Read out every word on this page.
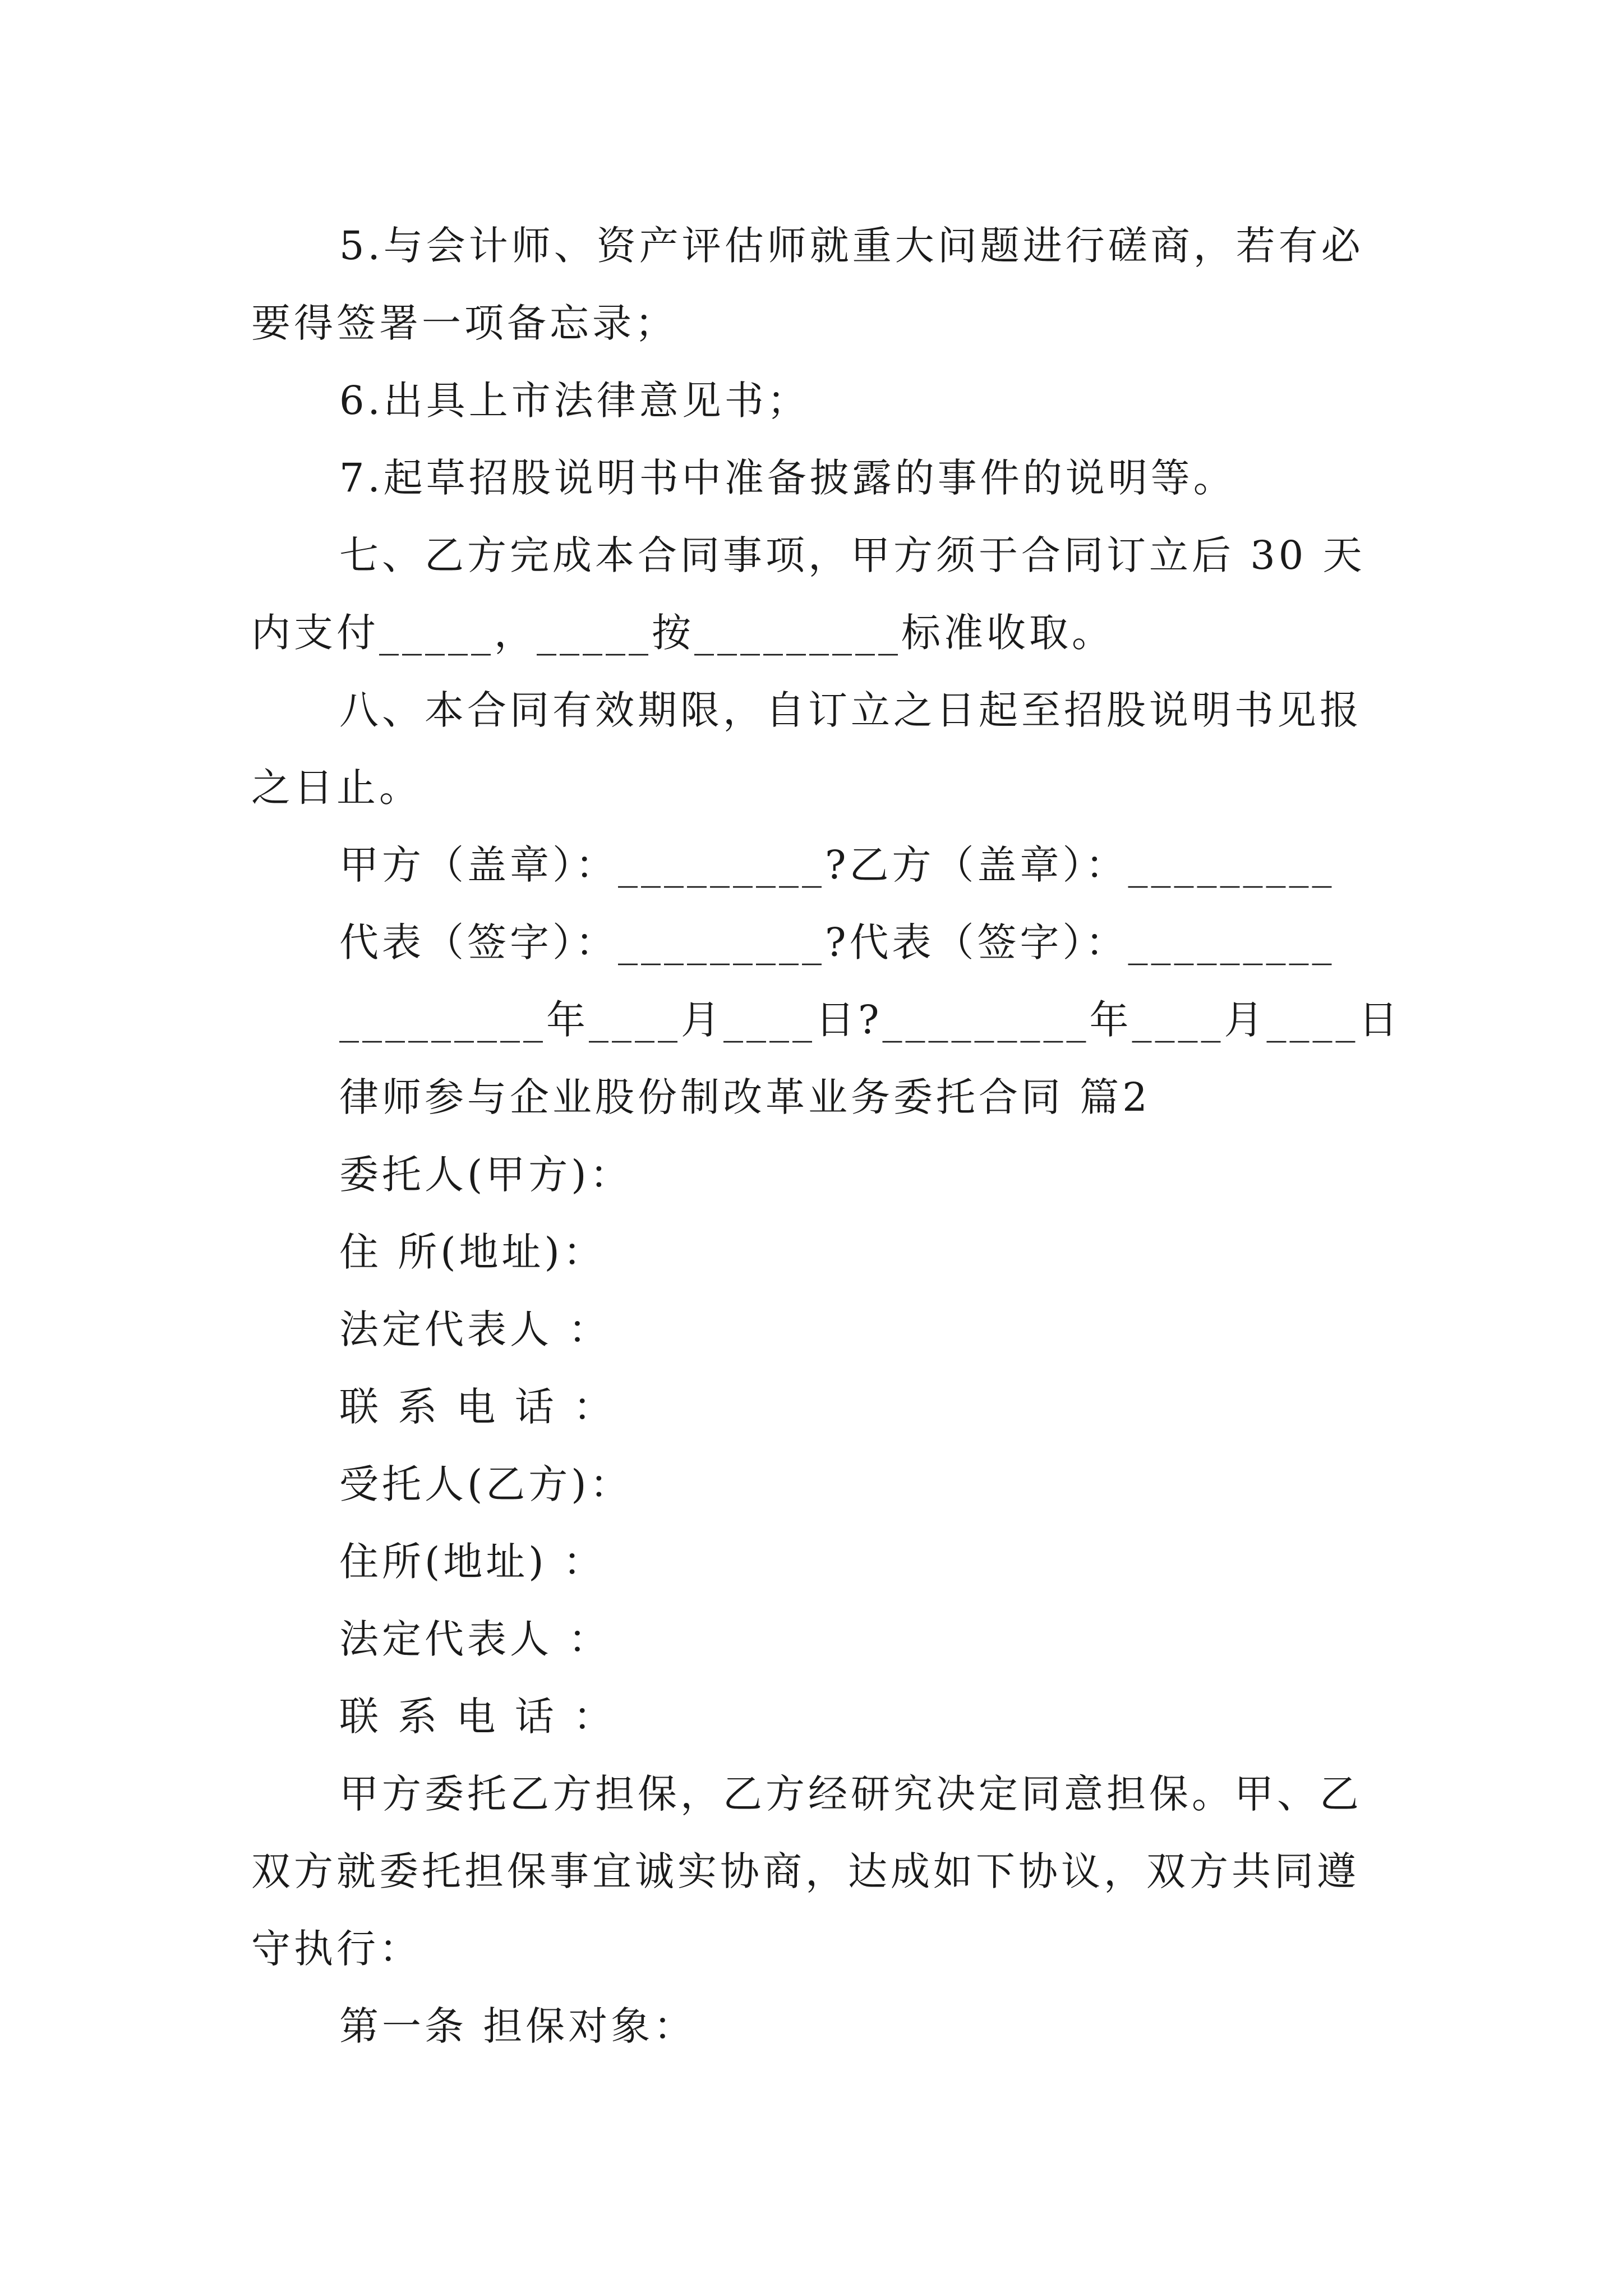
5.与会计师、资产评估师就重大问题进行磋商，若有必
要得签署一项备忘录；
6.出具上市法律意见书；
7.起草招股说明书中准备披露的事件的说明等。
七、乙方完成本合同事项，甲方须于合同订立后 30 天
内支付_____，_____按_________标准收取。
八、本合同有效期限，自订立之日起至招股说明书见报
之日止。
甲方（盖章）：_________?乙方（盖章）：_________
代表（签字）：_________?代表（签字）：_________
_________年____月____日?_________年____月____日
律师参与企业股份制改革业务委托合同 篇2
委托人(甲方)：
住 所(地址)：
法定代表人 ：
联 系 电 话 ：
受托人(乙方)：
住所(地址) ：
法定代表人 ：
联 系 电 话 ：
甲方委托乙方担保，乙方经研究决定同意担保。甲、乙
双方就委托担保事宜诚实协商，达成如下协议，双方共同遵
守执行：
第一条 担保对象：
